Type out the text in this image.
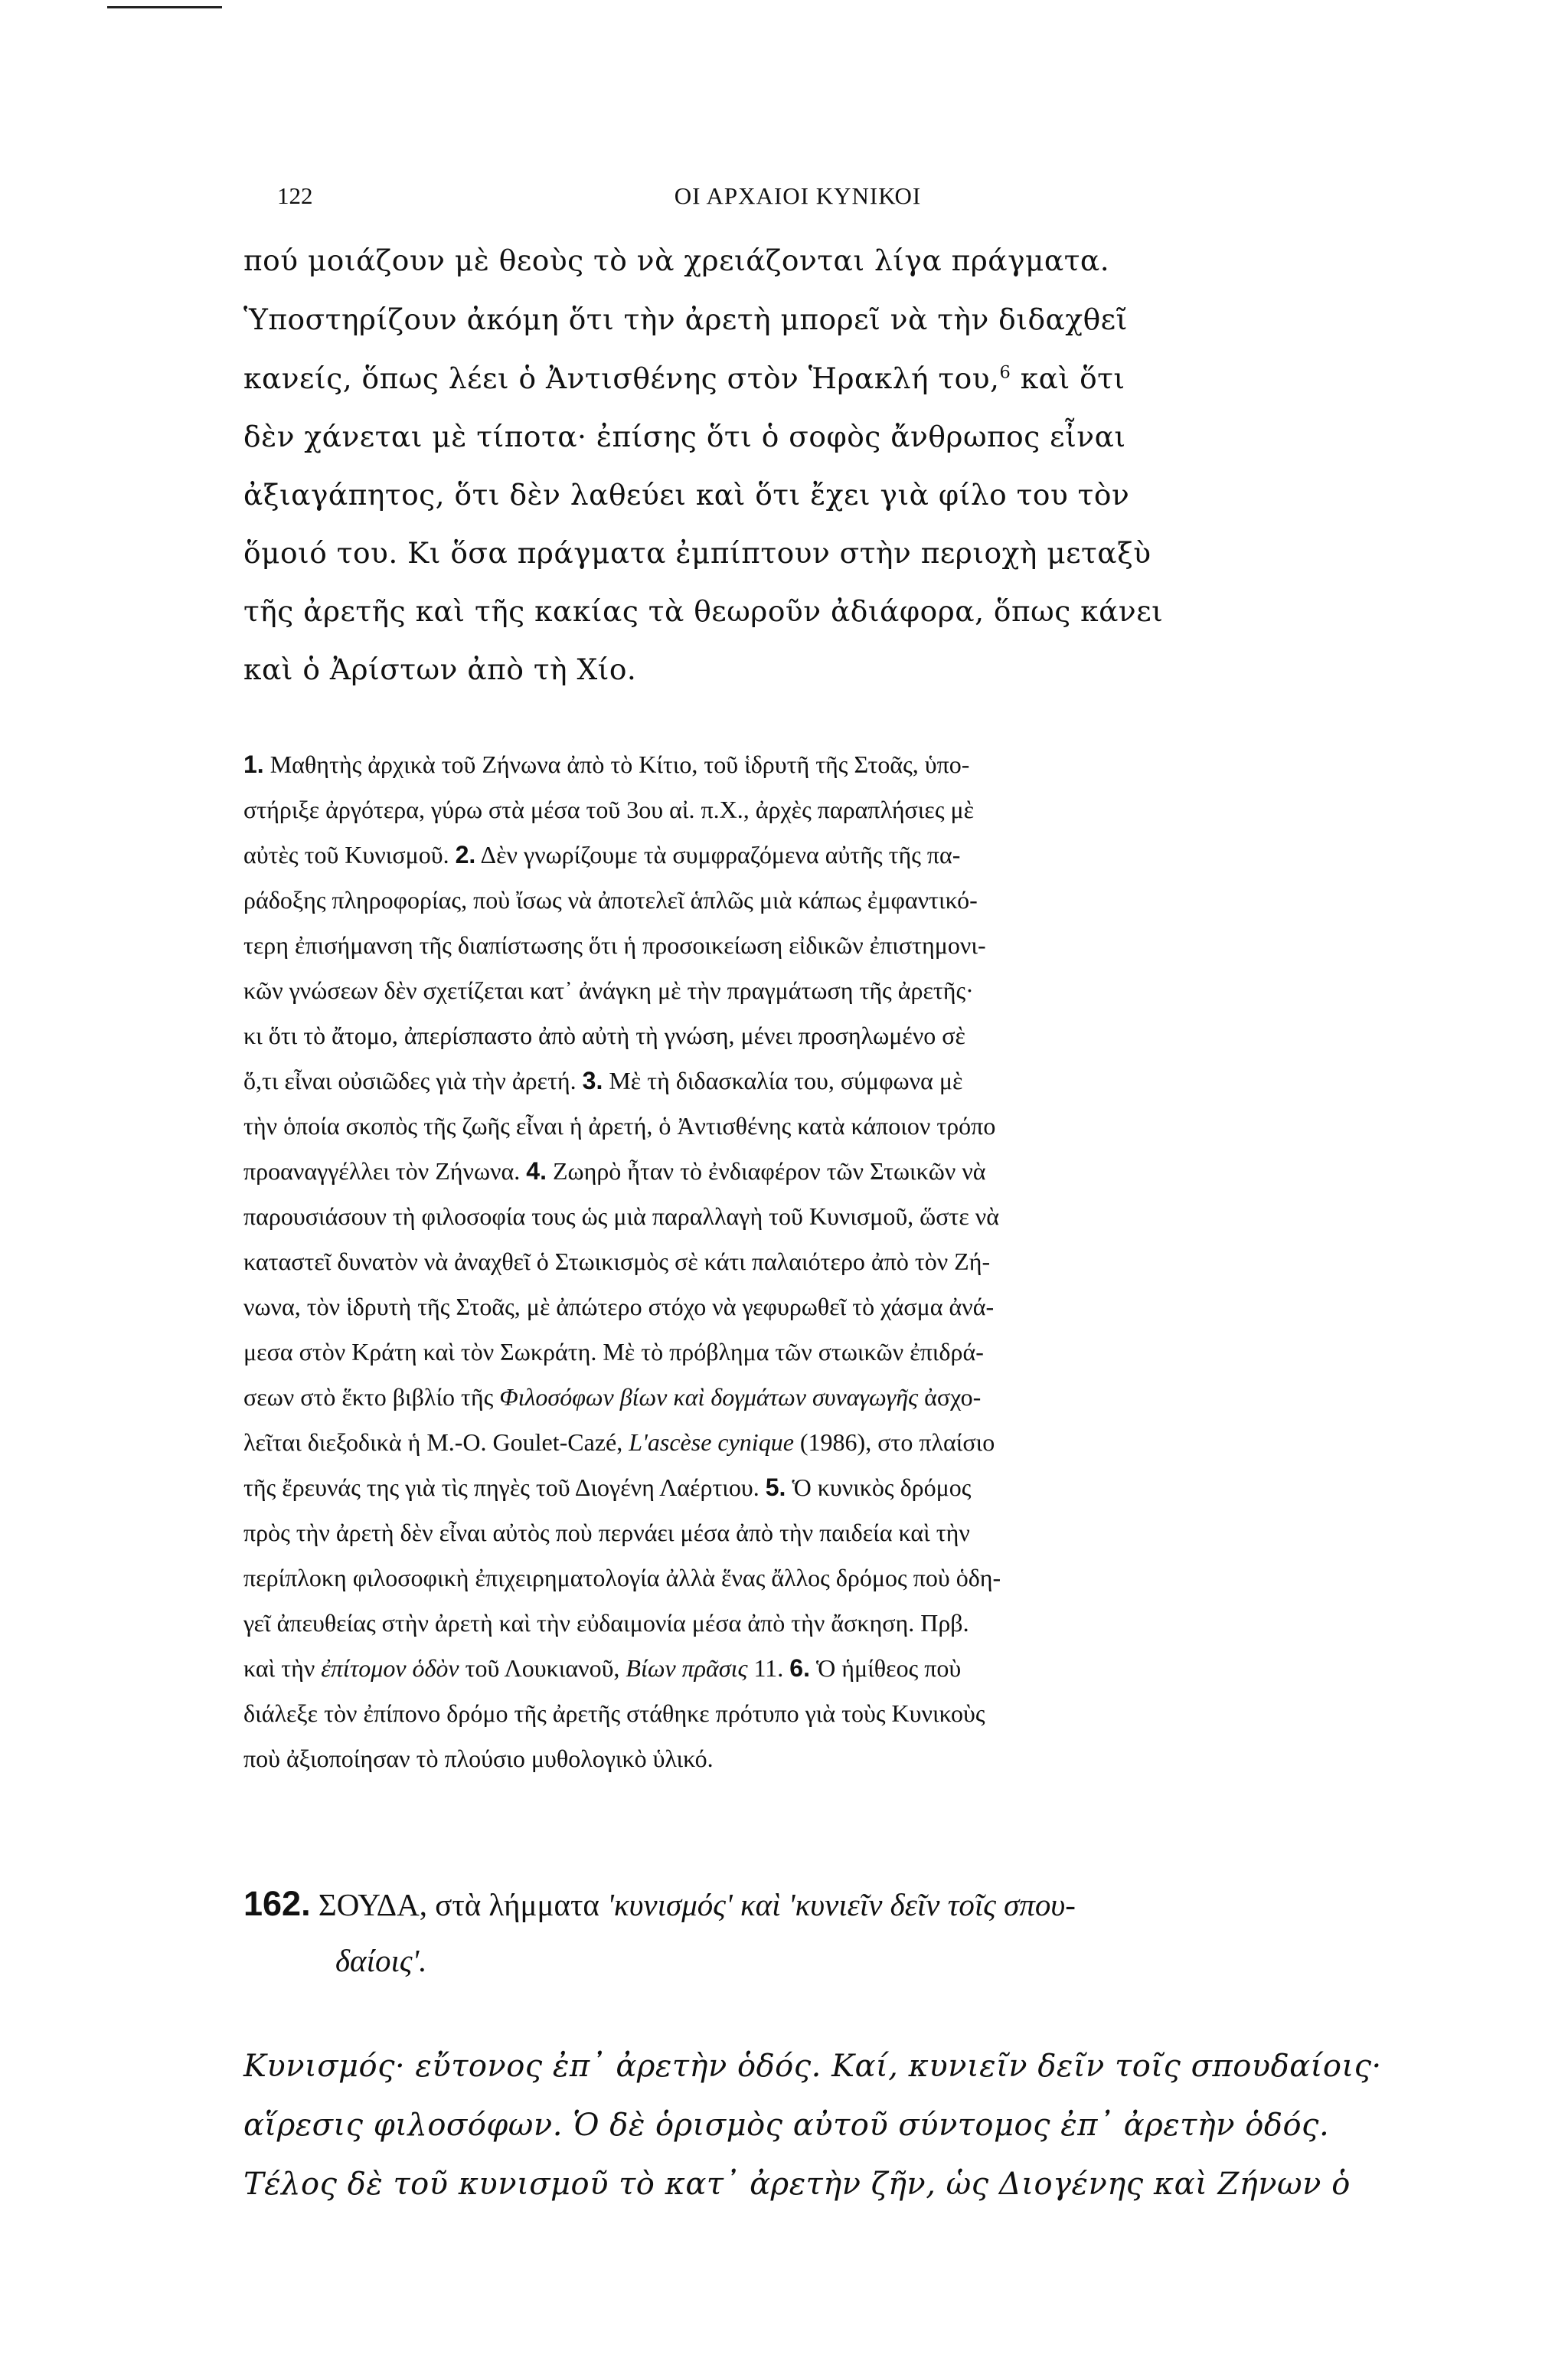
122	ΟΙ ΑΡΧΑΙΟΙ ΚΥΝΙΚΟΙ
πού μοιάζουν μὲ θεοὺς τὸ νὰ χρειάζονται λίγα πράγματα.
Ὑποστηρίζουν ἀκόμη ὅτι τὴν ἀρετὴ μπορεῖ νὰ τὴν διδαχθεῖ
κανείς, ὅπως λέει ὁ Ἀντισθένης στὸν Ἡρακλή του,$^6$ καὶ ὅτι
δὲν χάνεται μὲ τίποτα· ἐπίσης ὅτι ὁ σοφὸς ἄνθρωπος εἶναι
ἀξιαγάπητος, ὅτι δὲν λαθεύει καὶ ὅτι ἔχει γιὰ φίλο του τὸν
ὅμοιό του. Κι ὅσα πράγματα ἐμπίπτουν στὴν περιοχὴ μεταξὺ
τῆς ἀρετῆς καὶ τῆς κακίας τὰ θεωροῦν ἀδιάφορα, ὅπως κάνει
καὶ ὁ Ἀρίστων ἀπὸ τὴ Χίο.
1. Μαθητὴς ἀρχικὰ τοῦ Ζήνωνα ἀπὸ τὸ Κίτιο, τοῦ ἱδρυτῆ τῆς Στοᾶς, ὑπο-
στήριξε ἀργότερα, γύρω στὰ μέσα τοῦ 3ου αἰ. π.Χ., ἀρχὲς παραπλήσιες μὲ
αὐτὲς τοῦ Κυνισμοῦ. 2. Δὲν γνωρίζουμε τὰ συμφραζόμενα αὐτῆς τῆς πα-
ράδοξης πληροφορίας, ποὺ ἴσως νὰ ἀποτελεῖ ἁπλῶς μιὰ κάπως ἐμφαντικό-
τερη ἐπισήμανση τῆς διαπίστωσης ὅτι ἡ προσοικείωση εἰδικῶν ἐπιστημονι-
κῶν γνώσεων δὲν σχετίζεται κατ᾽ ἀνάγκη μὲ τὴν πραγμάτωση τῆς ἀρετῆς·
κι ὅτι τὸ ἄτομο, ἀπερίσπαστο ἀπὸ αὐτὴ τὴ γνώση, μένει προσηλωμένο σὲ
ὅ,τι εἶναι οὐσιῶδες γιὰ τὴν ἀρετή. 3. Μὲ τὴ διδασκαλία του, σύμφωνα μὲ
τὴν ὁποία σκοπὸς τῆς ζωῆς εἶναι ἡ ἀρετή, ὁ Ἀντισθένης κατὰ κάποιον τρόπο
προαναγγέλλει τὸν Ζήνωνα. 4. Ζωηρὸ ἦταν τὸ ἐνδιαφέρον τῶν Στωικῶν νὰ
παρουσιάσουν τὴ φιλοσοφία τους ὡς μιὰ παραλλαγὴ τοῦ Κυνισμοῦ, ὥστε νὰ
καταστεῖ δυνατὸν νὰ ἀναχθεῖ ὁ Στωικισμὸς σὲ κάτι παλαιότερο ἀπὸ τὸν Ζή-
νωνα, τὸν ἱδρυτὴ τῆς Στοᾶς, μὲ ἀπώτερο στόχο νὰ γεφυρωθεῖ τὸ χάσμα ἀνά-
μεσα στὸν Κράτη καὶ τὸν Σωκράτη. Μὲ τὸ πρόβλημα τῶν στωικῶν ἐπιδρά-
σεων στὸ ἕκτο βιβλίο τῆς Φιλοσόφων βίων καὶ δογμάτων συναγωγῆς ἀσχο-
λεῖται διεξοδικὰ ἡ M.-O. Goulet-Cazé, L'ascèse cynique (1986), στο πλαίσιο
τῆς ἔρευνάς της γιὰ τὶς πηγὲς τοῦ Διογένη Λαέρτιου. 5. Ὁ κυνικὸς δρόμος
πρὸς τὴν ἀρετὴ δὲν εἶναι αὐτὸς ποὺ περνάει μέσα ἀπὸ τὴν παιδεία καὶ τὴν
περίπλοκη φιλοσοφικὴ ἐπιχειρηματολογία ἀλλὰ ἕνας ἄλλος δρόμος ποὺ ὁδη-
γεῖ ἀπευθείας στὴν ἀρετὴ καὶ τὴν εὐδαιμονία μέσα ἀπὸ τὴν ἄσκηση. Πρβ.
καὶ τὴν ἐπίτομον ὁδὸν τοῦ Λουκιανοῦ, Βίων πρᾶσις 11. 6. Ὁ ἡμίθεος ποὺ
διάλεξε τὸν ἐπίπονο δρόμο τῆς ἀρετῆς στάθηκε πρότυπο γιὰ τοὺς Κυνικοὺς
ποὺ ἀξιοποίησαν τὸ πλούσιο μυθολογικὸ ὑλικό.
162. ΣΟΥΔΑ, στὰ λήμματα 'κυνισμός' καὶ 'κυνιεῖν δεῖν τοῖς σπου-
δαίοις'.
Κυνισμός· εὔτονος ἐπ᾽ ἀρετὴν ὁδός. Καί, κυνιεῖν δεῖν τοῖς σπουδαίοις·
αἵρεσις φιλοσόφων. Ὁ δὲ ὁρισμὸς αὐτοῦ σύντομος ἐπ᾽ ἀρετὴν ὁδός.
Τέλος δὲ τοῦ κυνισμοῦ τὸ κατ᾽ ἀρετὴν ζῆν, ὡς Διογένης καὶ Ζήνων ὁ
